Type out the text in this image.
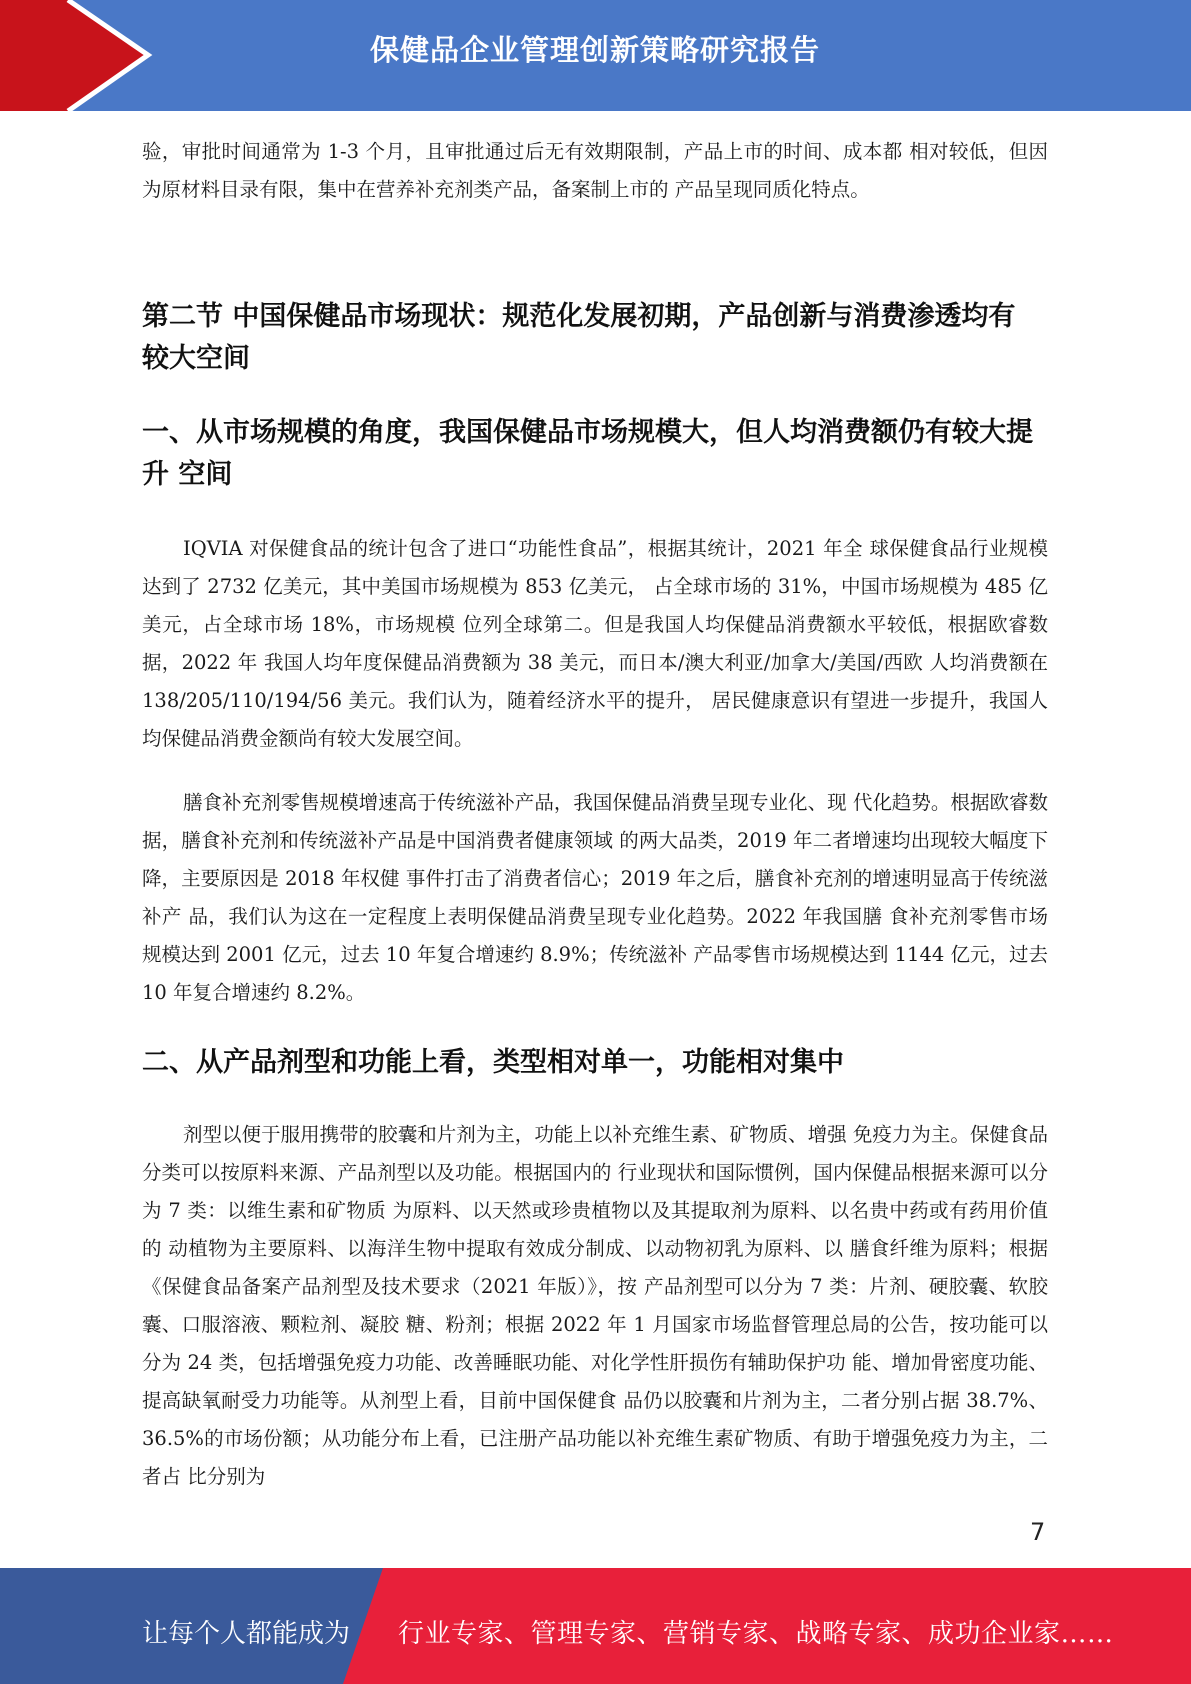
保健品企业管理创新策略研究报告

验，审批时间通常为 1-3 个月，且审批通过后无有效期限制，产品上市的时间、成本都 相对较低，但因为原材料目录有限，集中在营养补充剂类产品，备案制上市的 产品呈现同质化特点。

第二节 中国保健品市场现状：规范化发展初期，产品创新与消费渗透均有 较大空间
一、从市场规模的角度，我国保健品市场规模大，但人均消费额仍有较大提升 空间

IQVIA 对保健食品的统计包含了进口“功能性食品”，根据其统计，2021 年全 球保健食品行业规模达到了 2732 亿美元，其中美国市场规模为 853 亿美元， 占全球市场的 31%，中国市场规模为 485 亿美元，占全球市场 18%，市场规模 位列全球第二。但是我国人均保健品消费额水平较低，根据欧睿数据，2022 年 我国人均年度保健品消费额为 38 美元，而日本/澳大利亚/加拿大/美国/西欧 人均消费额在 138/205/110/194/56 美元。我们认为，随着经济水平的提升， 居民健康意识有望进一步提升，我国人均保健品消费金额尚有较大发展空间。

膳食补充剂零售规模增速高于传统滋补产品，我国保健品消费呈现专业化、现 代化趋势。根据欧睿数据，膳食补充剂和传统滋补产品是中国消费者健康领域 的两大品类，2019 年二者增速均出现较大幅度下降，主要原因是 2018 年权健 事件打击了消费者信心；2019 年之后，膳食补充剂的增速明显高于传统滋补产 品，我们认为这在一定程度上表明保健品消费呈现专业化趋势。2022 年我国膳 食补充剂零售市场规模达到 2001 亿元，过去 10 年复合增速约 8.9%；传统滋补 产品零售市场规模达到 1144 亿元，过去 10 年复合增速约 8.2%。

二、从产品剂型和功能上看，类型相对单一，功能相对集中

剂型以便于服用携带的胶囊和片剂为主，功能上以补充维生素、矿物质、增强 免疫力为主。保健食品分类可以按原料来源、产品剂型以及功能。根据国内的 行业现状和国际惯例，国内保健品根据来源可以分为 7 类：以维生素和矿物质 为原料、以天然或珍贵植物以及其提取剂为原料、以名贵中药或有药用价值的 动植物为主要原料、以海洋生物中提取有效成分制成、以动物初乳为原料、以 膳食纤维为原料；根据《保健食品备案产品剂型及技术要求（2021 年版）》，按 产品剂型可以分为 7 类：片剂、硬胶囊、软胶囊、口服溶液、颗粒剂、凝胶 糖、粉剂；根据 2022 年 1 月国家市场监督管理总局的公告，按功能可以分为 24 类，包括增强免疫力功能、改善睡眠功能、对化学性肝损伤有辅助保护功 能、增加骨密度功能、提高缺氧耐受力功能等。从剂型上看，目前中国保健食 品仍以胶囊和片剂为主，二者分别占据 38.7%、36.5%的市场份额；从功能分布上看，已注册产品功能以补充维生素矿物质、有助于增强免疫力为主，二者占 比分别为

7
让每个人都能成为 行业专家、管理专家、营销专家、战略专家、成功企业家……
